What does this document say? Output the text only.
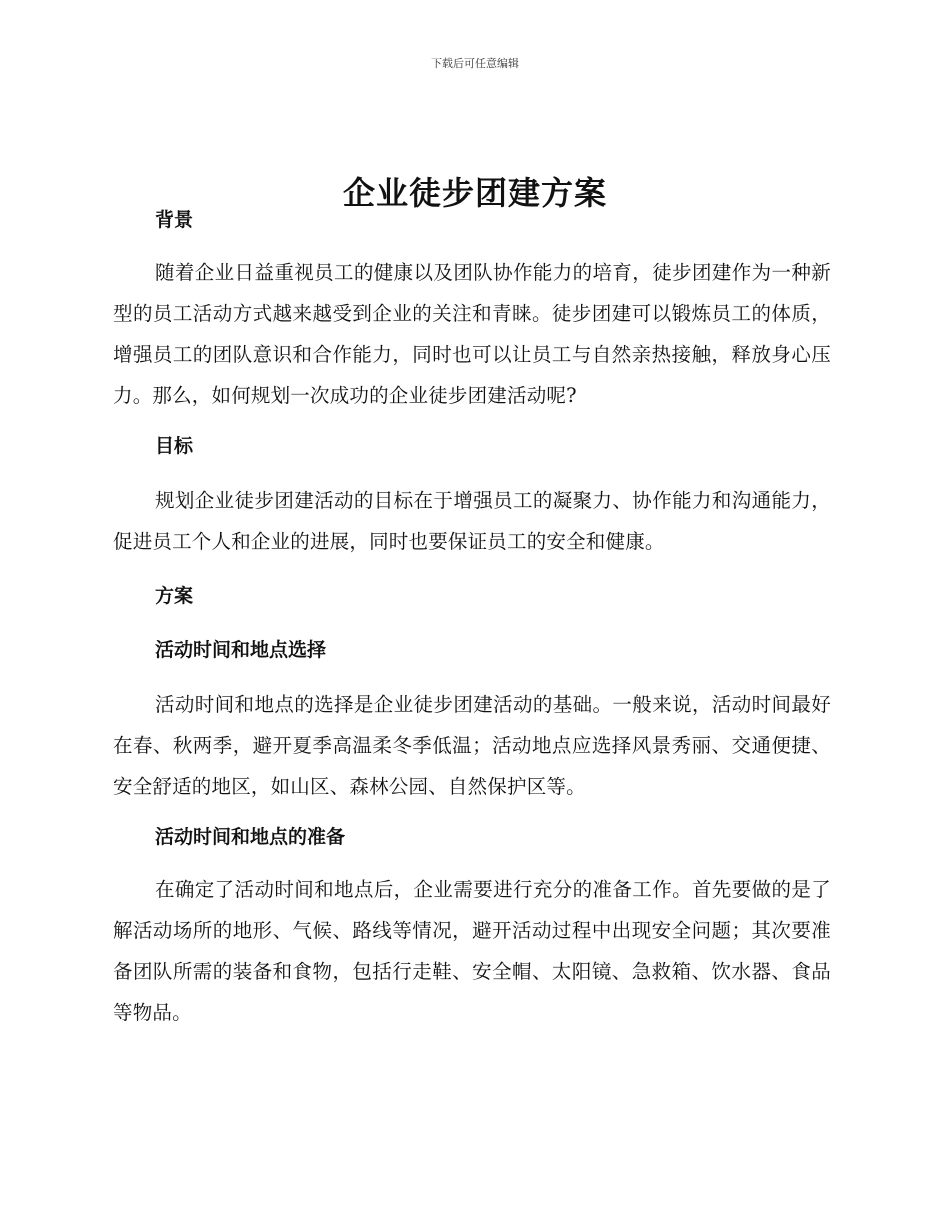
下载后可任意编辑
企业徒步团建方案
背景

随着企业日益重视员工的健康以及团队协作能力的培育，徒步团建作为一种新型的员工活动方式越来越受到企业的关注和青睐。徒步团建可以锻炼员工的体质，增强员工的团队意识和合作能力，同时也可以让员工与自然亲热接触，释放身心压力。那么，如何规划一次成功的企业徒步团建活动呢?

目标

规划企业徒步团建活动的目标在于增强员工的凝聚力、协作能力和沟通能力，促进员工个人和企业的进展，同时也要保证员工的安全和健康。

方案
活动时间和地点选择

活动时间和地点的选择是企业徒步团建活动的基础。一般来说，活动时间最好在春、秋两季，避开夏季高温柔冬季低温；活动地点应选择风景秀丽、交通便捷、安全舒适的地区，如山区、森林公园、自然保护区等。

活动时间和地点的准备

在确定了活动时间和地点后，企业需要进行充分的准备工作。首先要做的是了解活动场所的地形、气候、路线等情况，避开活动过程中出现安全问题；其次要准备团队所需的装备和食物，包括行走鞋、安全帽、太阳镜、急救箱、饮水器、食品等物品。
